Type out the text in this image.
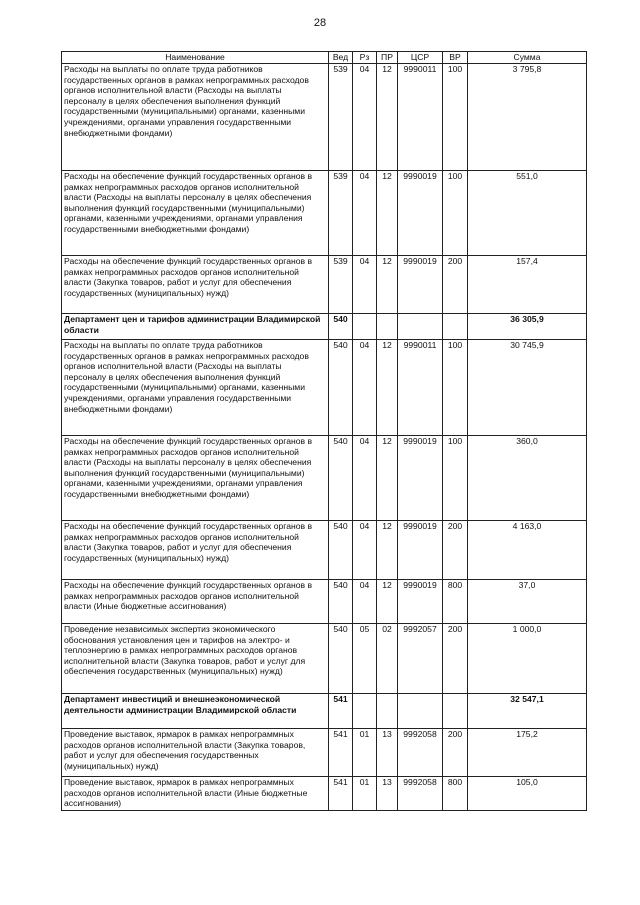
28
Наименование	Вед	Рз	ПР	ЦСР	ВР	Сумма
Расходы на выплаты по оплате труда работников государственных органов в рамках непрограммных расходов органов исполнительной власти (Расходы на выплаты персоналу в целях обеспечения выполнения функций государственными (муниципальными) органами, казенными учреждениями, органами управления государственными внебюджетными фондами)	539	04	12	9990011	100	3 795,8
Расходы на обеспечение функций государственных органов в рамках непрограммных расходов органов исполнительной власти (Расходы на выплаты персоналу в целях обеспечения выполнения функций государственными (муниципальными) органами, казенными учреждениями, органами управления государственными внебюджетными фондами)	539	04	12	9990019	100	551,0
Расходы на обеспечение функций государственных органов в рамках непрограммных расходов органов исполнительной власти (Закупка товаров, работ и услуг для обеспечения государственных (муниципальных) нужд)	539	04	12	9990019	200	157,4
Департамент цен и тарифов администрации Владимирской области	540					36 305,9
Расходы на выплаты по оплате труда работников государственных органов в рамках непрограммных расходов органов исполнительной власти (Расходы на выплаты персоналу в целях обеспечения выполнения функций государственными (муниципальными) органами, казенными учреждениями, органами управления государственными внебюджетными фондами)	540	04	12	9990011	100	30 745,9
Расходы на обеспечение функций государственных органов в рамках непрограммных расходов органов исполнительной власти (Расходы на выплаты персоналу в целях обеспечения выполнения функций государственными (муниципальными) органами, казенными учреждениями, органами управления государственными внебюджетными фондами)	540	04	12	9990019	100	360,0
Расходы на обеспечение функций государственных органов в рамках непрограммных расходов органов исполнительной власти (Закупка товаров, работ и услуг для обеспечения государственных (муниципальных) нужд)	540	04	12	9990019	200	4 163,0
Расходы на обеспечение функций государственных органов в рамках непрограммных расходов органов исполнительной власти (Иные бюджетные ассигнования)	540	04	12	9990019	800	37,0
Проведение независимых экспертиз экономического обоснования установления цен и тарифов на электро- и теплоэнергию в рамках непрограммных расходов органов исполнительной власти (Закупка товаров, работ и услуг для обеспечения государственных (муниципальных) нужд)	540	05	02	9992057	200	1 000,0
Департамент инвестиций и внешнеэкономической деятельности администрации Владимирской области	541					32 547,1
Проведение выставок, ярмарок в рамках непрограммных расходов органов исполнительной власти (Закупка товаров, работ и услуг для обеспечения государственных (муниципальных) нужд)	541	01	13	9992058	200	175,2
Проведение выставок, ярмарок в рамках непрограммных расходов органов исполнительной власти (Иные бюджетные ассигнования)	541	01	13	9992058	800	105,0
